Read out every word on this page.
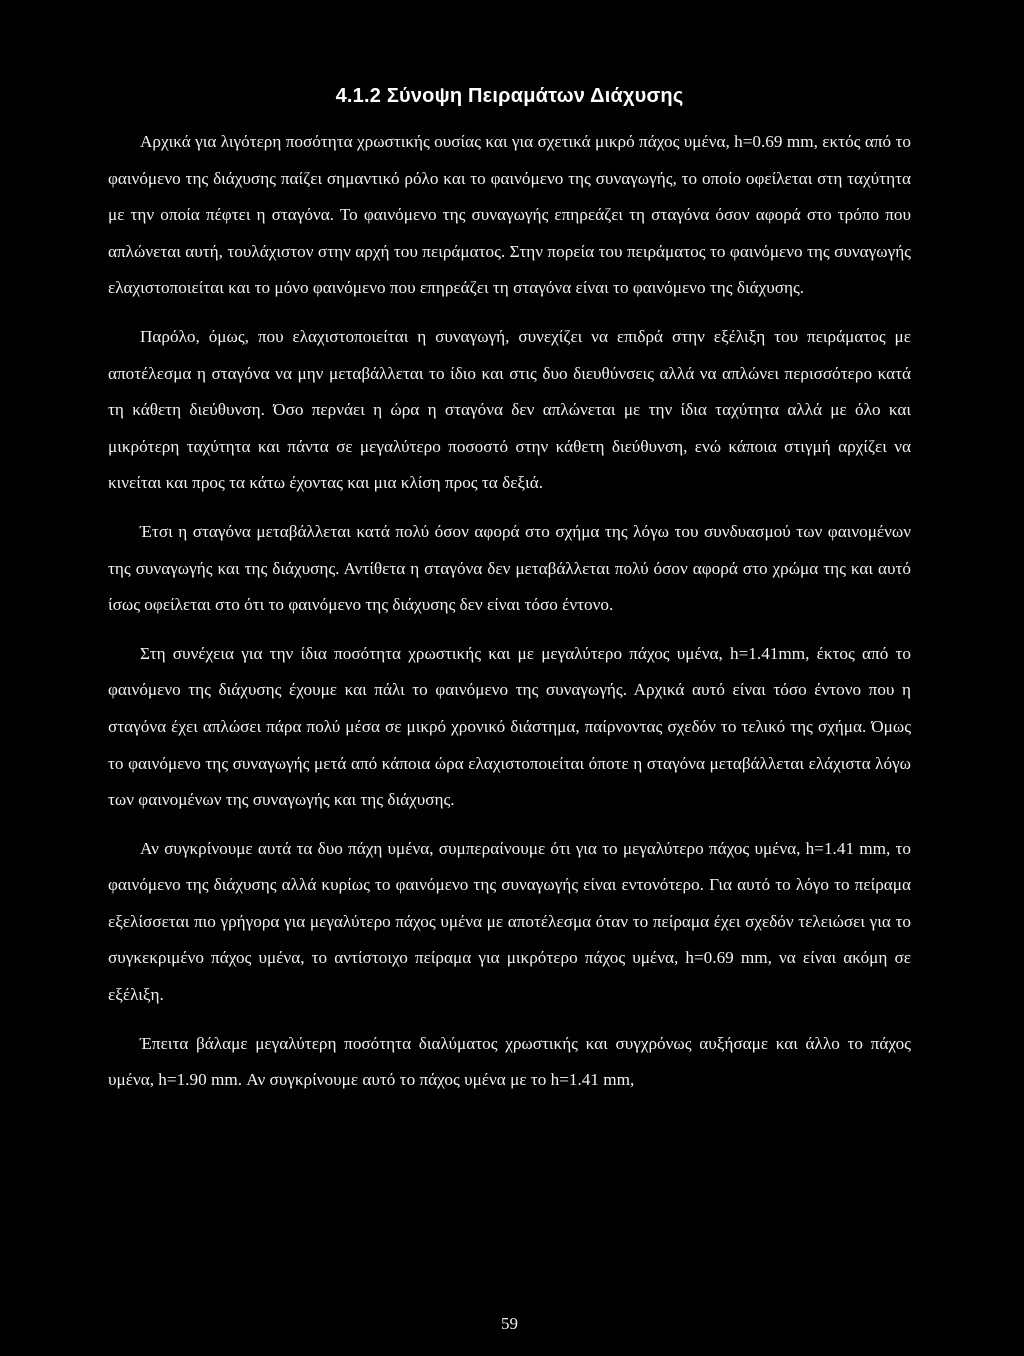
4.1.2 Σύνοψη Πειραμάτων Διάχυσης

Αρχικά για λιγότερη ποσότητα χρωστικής ουσίας και για σχετικά μικρό πάχος υμένα, h=0.69 mm, εκτός από το φαινόμενο της διάχυσης παίζει σημαντικό ρόλο και το φαινόμενο της συναγωγής, το οποίο οφείλεται στη ταχύτητα με την οποία πέφτει η σταγόνα. Το φαινόμενο της συναγωγής επηρεάζει τη σταγόνα όσον αφορά στο τρόπο που απλώνεται αυτή, τουλάχιστον στην αρχή του πειράματος. Στην πορεία του πειράματος το φαινόμενο της συναγωγής ελαχιστοποιείται και το μόνο φαινόμενο που επηρεάζει τη σταγόνα είναι το φαινόμενο της διάχυσης.

Παρόλο, όμως, που ελαχιστοποιείται η συναγωγή, συνεχίζει να επιδρά στην εξέλιξη του πειράματος με αποτέλεσμα η σταγόνα να μην μεταβάλλεται το ίδιο και στις δυο διευθύνσεις αλλά να απλώνει περισσότερο κατά τη κάθετη διεύθυνση. Όσο περνάει η ώρα η σταγόνα δεν απλώνεται με την ίδια ταχύτητα αλλά με όλο και μικρότερη ταχύτητα και πάντα σε μεγαλύτερο ποσοστό στην κάθετη διεύθυνση, ενώ κάποια στιγμή αρχίζει να κινείται και προς τα κάτω έχοντας και μια κλίση προς τα δεξιά.

Έτσι η σταγόνα μεταβάλλεται κατά πολύ όσον αφορά στο σχήμα της λόγω του συνδυασμού των φαινομένων της συναγωγής και της διάχυσης. Αντίθετα η σταγόνα δεν μεταβάλλεται πολύ όσον αφορά στο χρώμα της και αυτό ίσως οφείλεται στο ότι το φαινόμενο της διάχυσης δεν είναι τόσο έντονο.

Στη συνέχεια για την ίδια ποσότητα χρωστικής και με μεγαλύτερο πάχος υμένα, h=1.41mm, έκτος από το φαινόμενο της διάχυσης έχουμε και πάλι το φαινόμενο της συναγωγής. Αρχικά αυτό είναι τόσο έντονο που η σταγόνα έχει απλώσει πάρα πολύ μέσα σε μικρό χρονικό διάστημα, παίρνοντας σχεδόν το τελικό της σχήμα. Όμως το φαινόμενο της συναγωγής μετά από κάποια ώρα ελαχιστοποιείται όποτε η σταγόνα μεταβάλλεται ελάχιστα λόγω των φαινομένων της συναγωγής και της διάχυσης.

Αν συγκρίνουμε αυτά τα δυο πάχη υμένα, συμπεραίνουμε ότι για το μεγαλύτερο πάχος υμένα, h=1.41 mm, το φαινόμενο της διάχυσης αλλά κυρίως το φαινόμενο της συναγωγής είναι εντονότερο. Για αυτό το λόγο το πείραμα εξελίσσεται πιο γρήγορα για μεγαλύτερο πάχος υμένα με αποτέλεσμα όταν το πείραμα έχει σχεδόν τελειώσει για το συγκεκριμένο πάχος υμένα, το αντίστοιχο πείραμα για μικρότερο πάχος υμένα, h=0.69 mm, να είναι ακόμη σε εξέλιξη.

Έπειτα βάλαμε μεγαλύτερη ποσότητα διαλύματος χρωστικής και συγχρόνως αυξήσαμε και άλλο το πάχος υμένα, h=1.90 mm. Αν συγκρίνουμε αυτό το πάχος υμένα με το h=1.41 mm,

59
